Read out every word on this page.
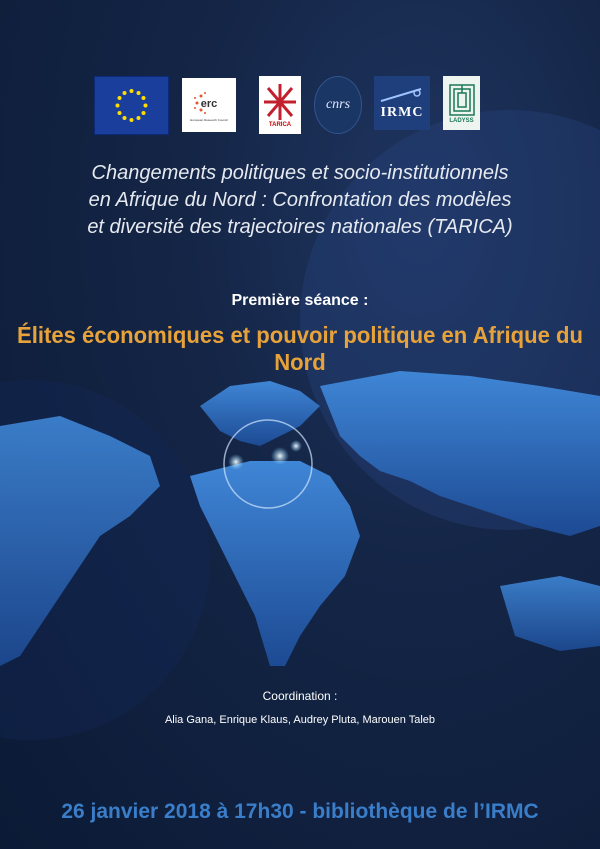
erc
European Research Council
TARICA
cnrs
IRMC
LADYSS
Changements politiques et socio-institutionnels
en Afrique du Nord : Confrontation des modèles
et diversité des trajectoires nationales (TARICA)
Première séance :
Élites économiques et pouvoir politique en Afrique du Nord
Coordination :
Alia Gana, Enrique Klaus, Audrey Pluta, Marouen Taleb
26 janvier 2018 à 17h30 - bibliothèque de l’IRMC
